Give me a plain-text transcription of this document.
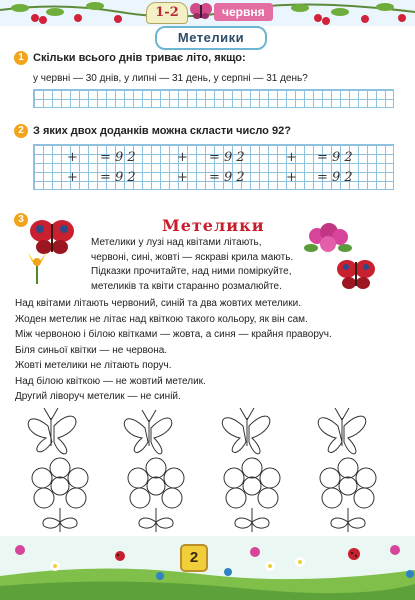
1-2	червня
Метелики
1 Скільки всього днів триває літо, якщо:
у червні — 30 днів, у липні — 31 день, у серпні — 31 день?
2 З яких двох доданків можна скласти число 92?
+ = 9 2	+ = 9 2	+ = 9 2
+ = 9 2	+ = 9 2	+ = 9 2
3	Метелики
Метелики у лузі над квітами літають,
червоні, сині, жовті — яскраві крила мають.
Підказки прочитайте, над ними поміркуйте,
метеликів та квіти старанно розмалюйте.
Над квітами літають червоний, синій та два жовтих метелики.
Жоден метелик не літає над квіткою такого кольору, як він сам.
Між червоною і білою квітками — жовта, а синя — крайня праворуч.
Біля синьої квітки — не червона.
Жовті метелики не літають поруч.
Над білою квіткою — не жовтий метелик.
Другий ліворуч метелик — не синій.
2
